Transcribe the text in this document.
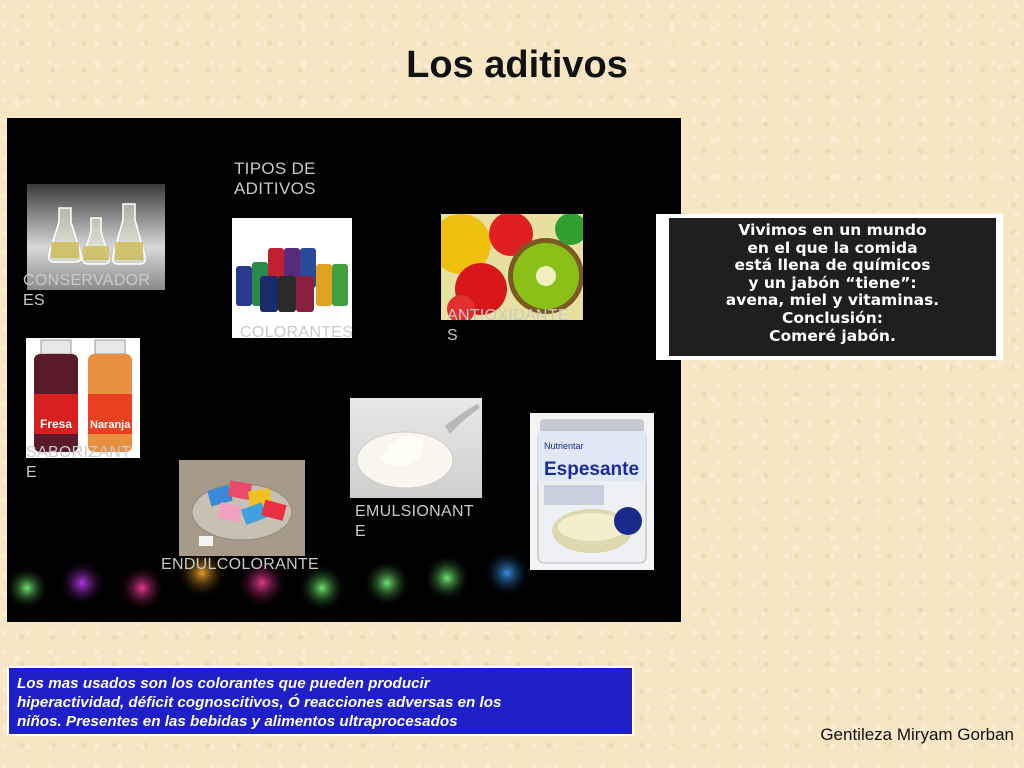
Los aditivos
TIPOS DE
ADITIVOS
CONSERVADOR
ES
COLORANTES
ANTIOXIDANTE
S
Fresa Naranja
SABORIZANT
E
EMULSIONANT
E
ENDULCOLORANTE
Nutrientar
Espesante
Vivimos en un mundo
en el que la comida
está llena de químicos
y un jabón “tiene”:
avena, miel y vitaminas.
Conclusión:
Comeré jabón.
Los mas usados son los colorantes que pueden producir
hiperactividad, déficit cognoscitivos, Ó reacciones adversas en los
niños. Presentes en las bebidas y alimentos ultraprocesados
Gentileza Miryam Gorban
